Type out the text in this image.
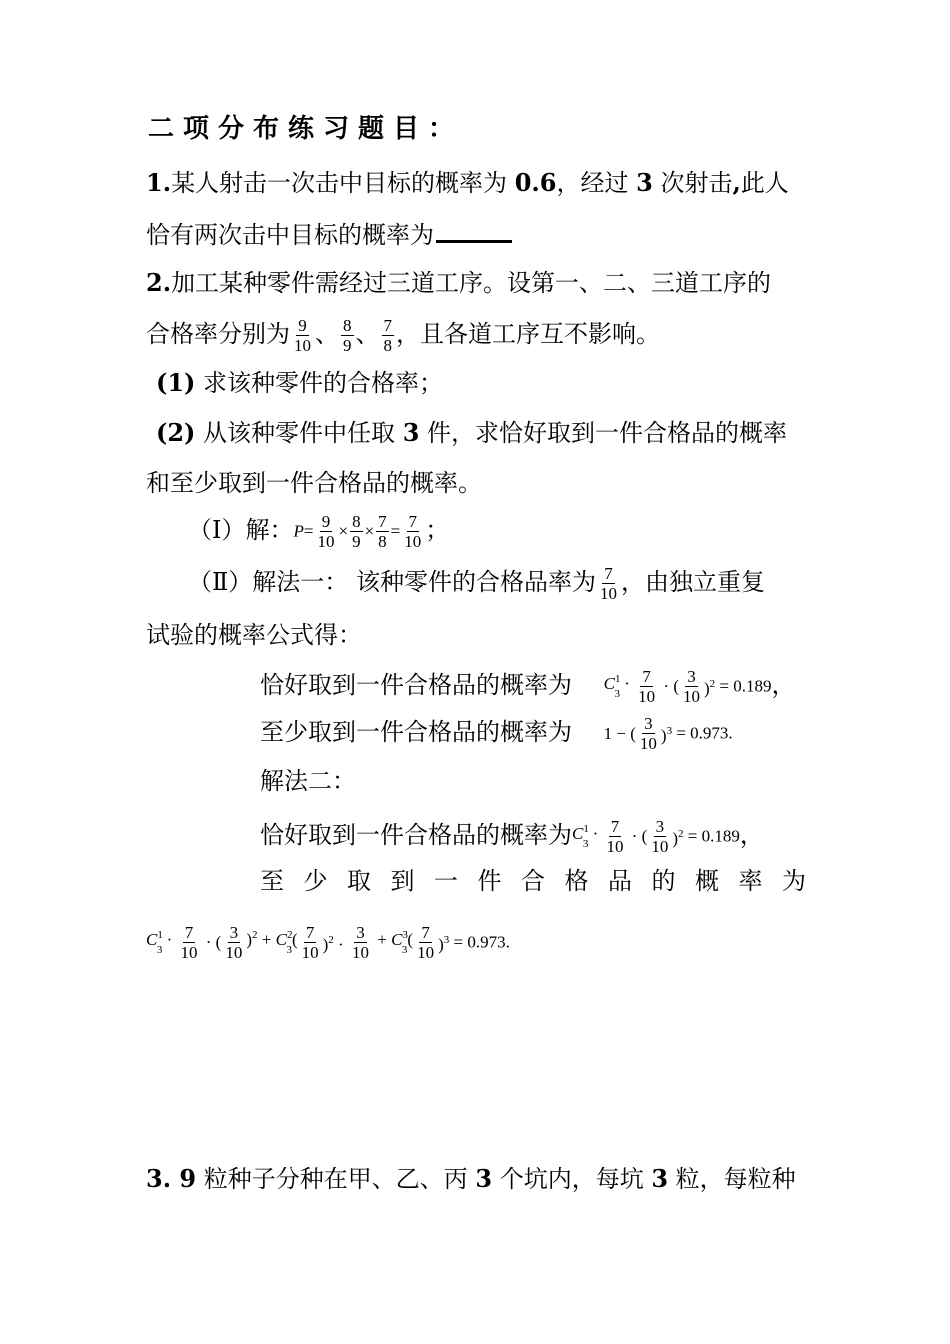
二项分布练习题目：
1.某人射击一次击中目标的概率为 0.6，经过 3 次射击,此人
恰有两次击中目标的概率为
2.加工某种零件需经过三道工序。设第一、二、三道工序的
合格率分别为 $\frac{9}{10}$ 、 $\frac{8}{9}$ 、 $\frac{7}{8}$ ，且各道工序互不影响。
(1) 求该种零件的合格率；
(2) 从该种零件中任取 3 件，求恰好取到一件合格品的概率
和至少取到一件合格品的概率。
（Ⅰ）解：$P= \frac{9}{10} \times \frac{8}{9} \times \frac{7}{8} = \frac{7}{10}$ ；
（Ⅱ）解法一： 该种零件的合格品率为 $\frac{7}{10}$ ，由独立重复
试验的概率公式得：
恰好取到一件合格品的概率为 $C^1_3 \cdot \frac{7}{10}$ · ( $\frac{3}{10} )^2 = 0.189$，
至少取到一件合格品的概率为 1 − ( $\frac{3}{10} )^3 = 0.973$.
解法二：
恰好取到一件合格品的概率为$C^1_3 \cdot \frac{7}{10}$ · ( $\frac{3}{10} )^2 = 0.189$，
至 少 取 到 一 件 合 格 品 的 概 率 为
$C^1_3 \cdot \frac{7}{10}$ · ( $\frac{3}{10} )^2 + C^2_3( \frac{7}{10} )^2 \cdot \frac{3}{10} + C^3_3( \frac{7}{10} )^3 = 0.973$.
3. 9 粒种子分种在甲、乙、丙 3 个坑内，每坑 3 粒，每粒种
